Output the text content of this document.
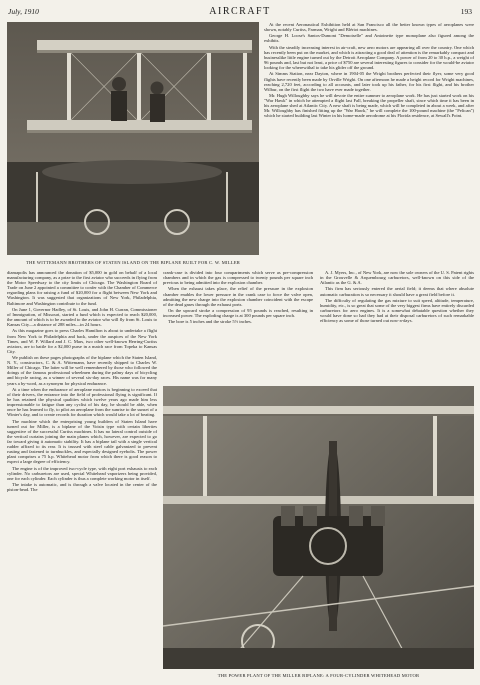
July, 1910	AIRCRAFT	193
THE WITTEMANN BROTHERS OF STATEN ISLAND ON THE BIPLANE BUILT FOR C. W. MILLER

At the recent Aeronautical Exhibition held at San Francisco all the better known types of aeroplanes were shown, notably Curtiss, Farman, Wright and Blériot machines.

George H. Loose's Santos-Dumont "Demoiselle" and Antoinette type monoplane also figured among the exhibits.

With the steadily increasing interest in air-craft, new aero motors are appearing all over the country. One which has recently been put on the market, and which is attracting a good deal of attention is the remarkably compact and businesslike little engine turned out by the Detroit Aeroplane Company. A power of from 20 to 30 h.p., a weight of 96 pounds and, last but not least, a price of $750 are several interesting figures to consider for the would-be aviator looking for the wherewithal to take his glider off the ground.

At Simms Station, near Dayton, where in 1904-05 the Wright brothers perfected their flyer, some very good flights have recently been made by Orville Wright. On one afternoon he made a height record for Wright machines, reaching 2,720 feet, according to all accounts, and later took up his father, for his first flight, and his brother Wilbur, on the first flight the two have ever made together.

Mr. Hugh Willoughby says he will devote the entire summer to aeroplane work. He has just started work on his "War Hawk" in which he attempted a flight last Fall, breaking the propeller shaft, since which time it has been in his aeroplane shed at Atlantic City. A new shaft is being made, which will be completed in about a week, and after Mr. Willoughby has finished fitting up the "War Hawk," he will complete the 100-pound machine (the "Pelican") which he started building last Winter in his home-made aerodrome at his Florida residence, at Sewall's Point.

diamapolis has announced the donation of $5,000 in gold on behalf of a local manufacturing company, as a prize to the first aviator who succeeds in flying from the Motor Speedway to the city limits of Chicago. The Washington Board of Trade on June 2 appointed a committee to confer with the Chamber of Commerce regarding plans for raising a fund of $20,000 for a flight between New York and Washington. It was suggested that organizations of New York, Philadelphia, Baltimore and Washington contribute to the fund.

On June 1, Governor Hadley, of St. Louis, and John H. Curran, Commissioner of Immigration, of Missouri, started a fund which is expected to reach $20,000, the amount of which is to be awarded to the aviator who will fly from St. Louis to Kansas City—a distance of 288 miles—in 24 hours.

As this magazine goes to press Charles Hamilton is about to undertake a flight from New York to Philadelphia and back, under the auspices of the New York Times, and W. F. Willard and J. C. Mars, two other well-known Herring-Curtiss aviators, are to battle for a $2,000 purse in a match race from Topeka to Kansas City.

We publish on these pages photographs of the biplane which the Staten Island, N. Y., constructors, C. & A. Wittemann, have recently shipped to Charles W. Miller of Chicago. The latter will be well remembered by those who followed the doings of the famous professional wheelmen during the palmy days of bicycling and bicycle racing, as a winner of several six-day races. His name was for many years a by-word, as a synonym for physical endurance.

At a time when the endurance of aeroplane motors is beginning to exceed that of their drivers, the entrance into the field of professional flying is significant. If he has retained the physical qualities which twelve years ago made him less impressionable to fatigue than any cyclist of his day, he should be able, when once he has learned to fly, to pilot an aeroplane from the sunrise to the sunset of a Winter's day, and to create records for duration which would take a lot of beating.

The machine which the enterprising young builders of Staten Island have turned out for Miller, is a biplane of the Voisin type with certain liberties suggestive of the successful Curtiss machines. It has no lateral control outside of the vertical curtains joining the main planes which, however, are expected to go far toward giving it automatic stability. It has a biplane tail with a single vertical rudder affixed to its rear. It is trussed with steel cable galvanized to prevent rusting and fastened to turnbuckles, and especially designed eyebolts. The power plant comprises a 75 h.p. Whitehead motor from which there is good reason to expect a large degree of efficiency.

The engine is of the improved two-cycle type, with eight port exhausts to each cylinder. No carburetors are used, special Whitehead vaporizers being provided, one for each cylinder. Each cylinder is thus a complete working motor in itself.

The intake is automatic, and is through a valve located in the center of the piston-head. The

crank-case is divided into four compartments which serve as pre-compression chambers and in which the gas is compressed to twenty pounds per square inch previous to being admitted into the explosion chamber.

When the exhaust takes place, the relief of the pressure in the explosion chamber enables the lower pressure in the crank case to force the valve open, admitting the new charge into the explosion chamber coincident with the escape of the dead gases through the exhaust ports.

On the upward stroke a compression of 95 pounds is reached, resulting in increased power. The exploding charge is at 300 pounds per square inch.

The bore is 5 inches and the stroke 5½ inches.

A. J. Myers, Inc., of New York, are now the sole owners of the U. S. Patent rights in the Grouvelle & Arquembourg carburetors, well-known on this side of the Atlantic as the G. & A.

This firm has seriously entered the aerial field; it deems that where absolute automatic carburation is so necessary it should have a great field before it.

The difficulty of regulating the gas mixture to suit speed, altitude, temperature, humidity, etc., is so great that some of the very biggest firms have entirely discarded carburetors for aero engines. It is a somewhat debatable question whether they would have done so had they had at their disposal carburetors of such remarkable efficiency as some of those turned out now-a-days.

THE POWER PLANT OF THE MILLER BIPLANE: A FOUR-CYLINDER WHITEHEAD MOTOR
